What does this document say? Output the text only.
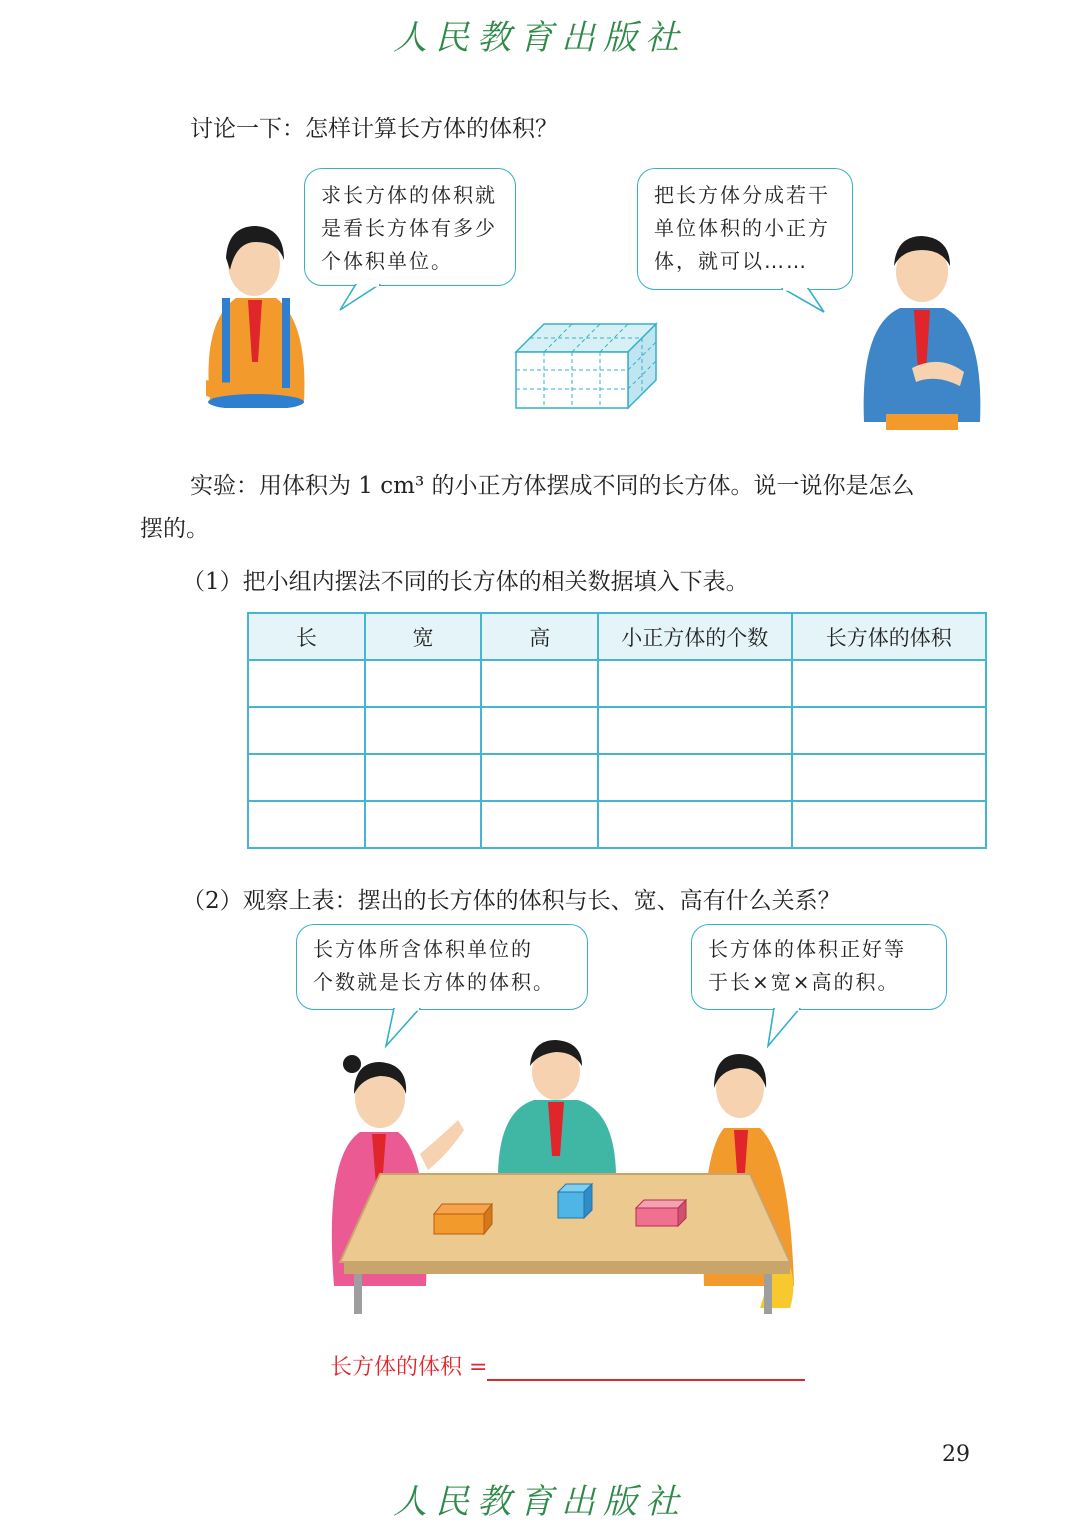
人民教育出版社
讨论一下：怎样计算长方体的体积？
求长方体的体积就
是看长方体有多少
个体积单位。
把长方体分成若干
单位体积的小正方
体，就可以……
实验：用体积为 1 cm³ 的小正方体摆成不同的长方体。说一说你是怎么
摆的。
（1）把小组内摆法不同的长方体的相关数据填入下表。
长	宽	高	小正方体的个数	长方体的体积

（2）观察上表：摆出的长方体的体积与长、宽、高有什么关系？
长方体所含体积单位的
个数就是长方体的体积。
长方体的体积正好等
于长×宽×高的积。
长方体的体积 =
29
人民教育出版社
